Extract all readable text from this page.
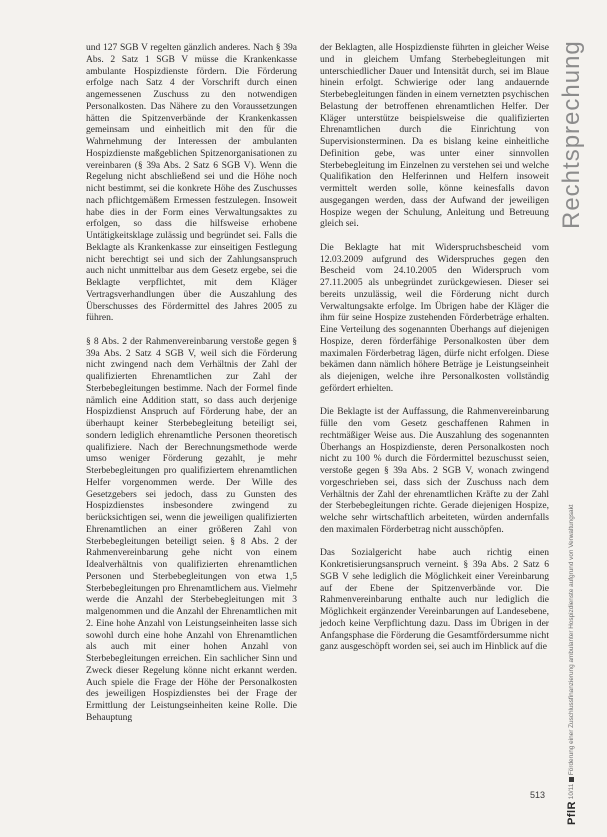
und 127 SGB V regelten gänzlich anderes. Nach § 39a Abs. 2 Satz 1 SGB V müsse die Krankenkasse ambulante Hospizdienste fördern. Die Förderung erfolge nach Satz 4 der Vorschrift durch einen angemessenen Zuschuss zu den notwendigen Personalkosten. Das Nähere zu den Voraussetzungen hätten die Spitzenverbände der Krankenkassen gemeinsam und einheitlich mit den für die Wahrnehmung der Interessen der ambulanten Hospizdienste maßgeblichen Spitzenorganisationen zu vereinbaren (§ 39a Abs. 2 Satz 6 SGB V). Wenn die Regelung nicht abschließend sei und die Höhe noch nicht bestimmt, sei die konkrete Höhe des Zuschusses nach pflichtgemäßem Ermessen festzulegen. Insoweit habe dies in der Form eines Verwaltungsaktes zu erfolgen, so dass die hilfsweise erhobene Untätigkeitsklage zulässig und begründet sei. Falls die Beklagte als Krankenkasse zur einseitigen Festlegung nicht berechtigt sei und sich der Zahlungsanspruch auch nicht unmittelbar aus dem Gesetz ergebe, sei die Beklagte verpflichtet, mit dem Kläger Vertragsverhandlungen über die Auszahlung des Überschusses des Fördermittel des Jahres 2005 zu führen.

§ 8 Abs. 2 der Rahmenvereinbarung verstoße gegen § 39a Abs. 2 Satz 4 SGB V, weil sich die Förderung nicht zwingend nach dem Verhältnis der Zahl der qualifizierten Ehrenamtlichen zur Zahl der Sterbebegleitungen bestimme. Nach der Formel finde nämlich eine Addition statt, so dass auch derjenige Hospizdienst Anspruch auf Förderung habe, der an überhaupt keiner Sterbebegleitung beteiligt sei, sondern lediglich ehrenamtliche Personen theoretisch qualifiziere. Nach der Berechnungsmethode werde umso weniger Förderung gezahlt, je mehr Sterbebegleitungen pro qualifiziertem ehrenamtlichen Helfer vorgenommen werde. Der Wille des Gesetzgebers sei jedoch, dass zu Gunsten des Hospizdienstes insbesondere zwingend zu berücksichtigen sei, wenn die jeweiligen qualifizierten Ehrenamtlichen an einer größeren Zahl von Sterbebegleitungen beteiligt seien. § 8 Abs. 2 der Rahmenvereinbarung gehe nicht von einem Idealverhältnis von qualifizierten ehrenamtlichen Personen und Sterbebegleitungen von etwa 1,5 Sterbebegleitungen pro Ehrenamtlichem aus. Vielmehr werde die Anzahl der Sterbebegleitungen mit 3 malgenommen und die Anzahl der Ehrenamtlichen mit 2. Eine hohe Anzahl von Leistungseinheiten lasse sich sowohl durch eine hohe Anzahl von Ehrenamtlichen als auch mit einer hohen Anzahl von Sterbebegleitungen erreichen. Ein sachlicher Sinn und Zweck dieser Regelung könne nicht erkannt werden. Auch spiele die Frage der Höhe der Personalkosten des jeweiligen Hospizdienstes bei der Frage der Ermittlung der Leistungseinheiten keine Rolle. Die Behauptung

der Beklagten, alle Hospizdienste führten in gleicher Weise und in gleichem Umfang Sterbebegleitungen mit unterschiedlicher Dauer und Intensität durch, sei im Blaue hinein erfolgt. Schwierige oder lang andauernde Sterbebegleitungen fänden in einem vernetzten psychischen Belastung der betroffenen ehrenamtlichen Helfer. Der Kläger unterstütze beispielsweise die qualifizierten Ehrenamtlichen durch die Einrichtung von Supervisionsterminen. Da es bislang keine einheitliche Definition gebe, was unter einer sinnvollen Sterbebegleitung im Einzelnen zu verstehen sei und welche Qualifikation den Helferinnen und Helfern insoweit vermittelt werden solle, könne keinesfalls davon ausgegangen werden, dass der Aufwand der jeweiligen Hospize wegen der Schulung, Anleitung und Betreuung gleich sei.

Die Beklagte hat mit Widerspruchsbescheid vom 12.03.2009 aufgrund des Widerspruches gegen den Bescheid vom 24.10.2005 den Widerspruch vom 27.11.2005 als unbegründet zurückgewiesen. Dieser sei bereits unzulässig, weil die Förderung nicht durch Verwaltungsakte erfolge. Im Übrigen habe der Kläger die ihm für seine Hospize zustehenden Förderbeträge erhalten. Eine Verteilung des sogenannten Überhangs auf diejenigen Hospize, deren förderfähige Personalkosten über dem maximalen Förderbetrag lägen, dürfe nicht erfolgen. Diese bekämen dann nämlich höhere Beträge je Leistungseinheit als diejenigen, welche ihre Personalkosten vollständig gefördert erhielten.

Die Beklagte ist der Auffassung, die Rahmenvereinbarung fülle den vom Gesetz geschaffenen Rahmen in rechtmäßiger Weise aus. Die Auszahlung des sogenannten Überhangs an Hospizdienste, deren Personalkosten noch nicht zu 100 % durch die Fördermittel bezuschusst seien, verstoße gegen § 39a Abs. 2 SGB V, wonach zwingend vorgeschrieben sei, dass sich der Zuschuss nach dem Verhältnis der Zahl der ehrenamtlichen Kräfte zu der Zahl der Sterbebegleitungen richte. Gerade diejenigen Hospize, welche sehr wirtschaftlich arbeiteten, würden andernfalls den maximalen Förderbetrag nicht ausschöpfen.

Das Sozialgericht habe auch richtig einen Konkretisierungsanspruch verneint. § 39a Abs. 2 Satz 6 SGB V sehe lediglich die Möglichkeit einer Vereinbarung auf der Ebene der Spitzenverbände vor. Die Rahmenvereinbarung enthalte auch nur lediglich die Möglichkeit ergänzender Vereinbarungen auf Landesebene, jedoch keine Verpflichtung dazu. Dass im Übrigen in der Anfangsphase die Förderung die Gesamtfördersumme nicht ganz ausgeschöpft worden sei, sei auch im Hinblick auf die

Rechtsprechung
PflR 10/11  Förderung einer Zuschlussfinanzierung ambulanter Hospizdienste aufgrund von Verwaltungsakt
513
